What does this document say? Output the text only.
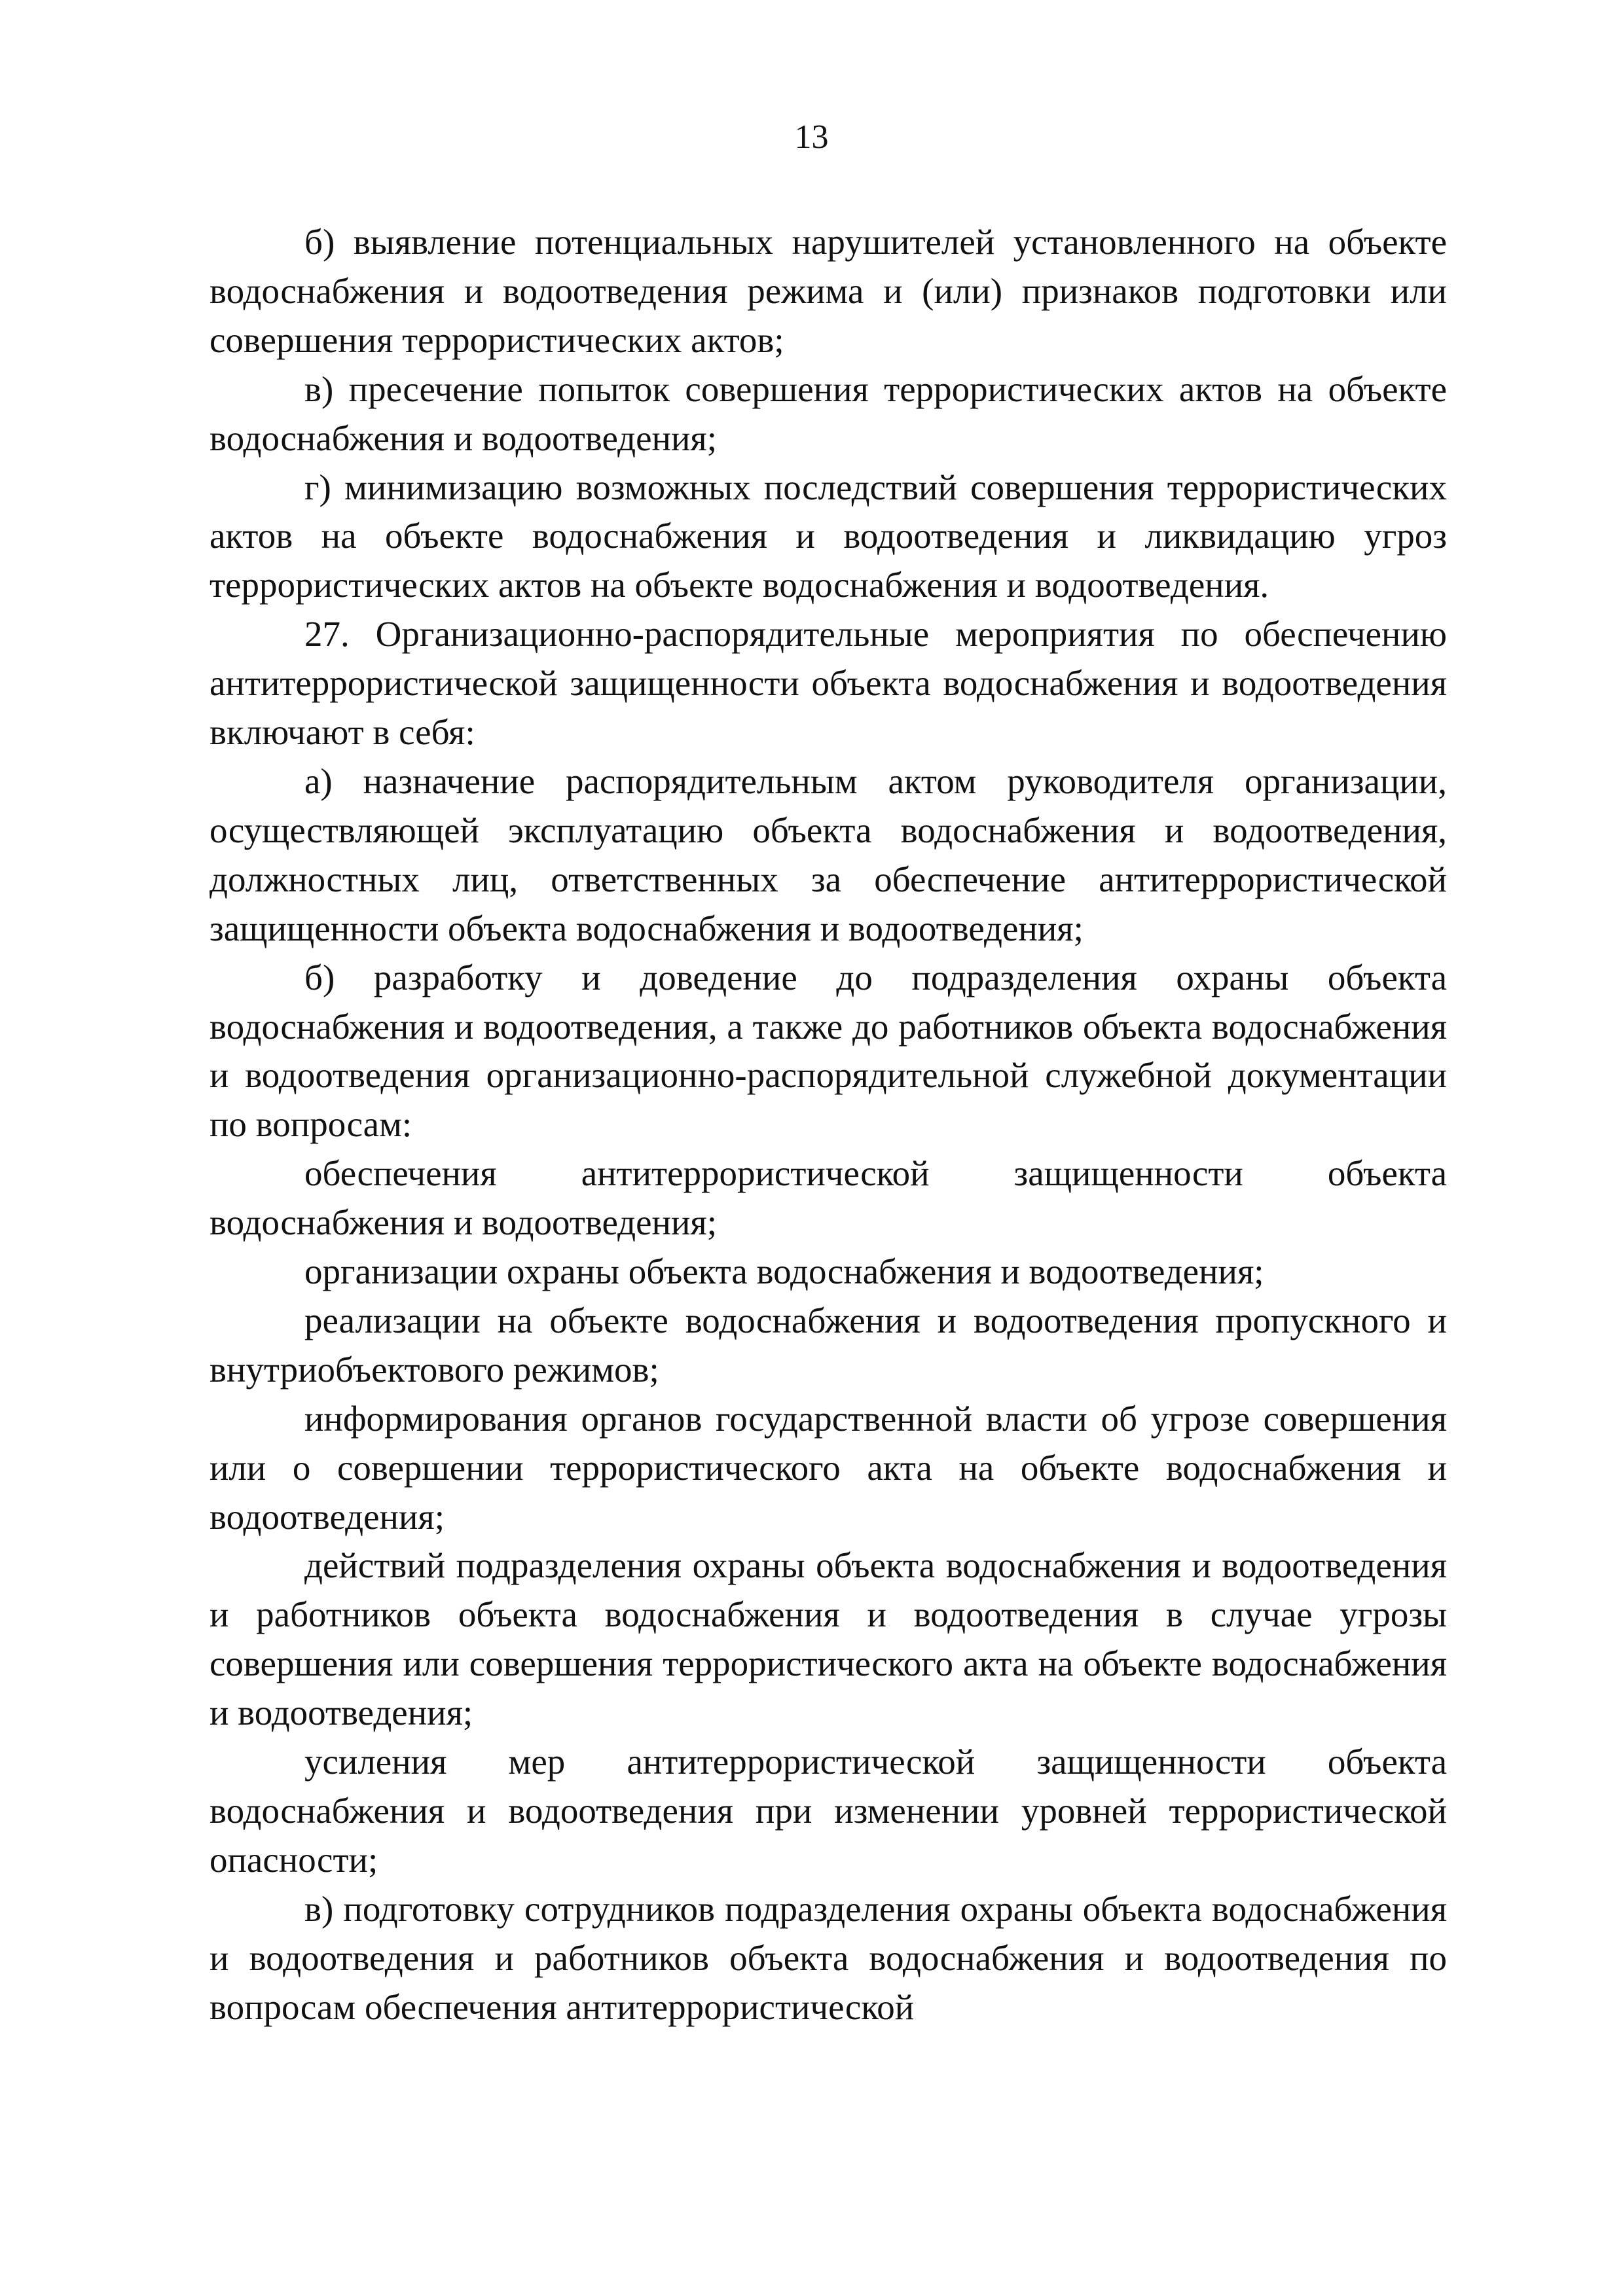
13

б) выявление потенциальных нарушителей установленного на объекте водоснабжения и водоотведения режима и (или) признаков подготовки или совершения террористических актов;

в) пресечение попыток совершения террористических актов на объекте водоснабжения и водоотведения;

г) минимизацию возможных последствий совершения террористических актов на объекте водоснабжения и водоотведения и ликвидацию угроз террористических актов на объекте водоснабжения и водоотведения.

27. Организационно-распорядительные мероприятия по обеспечению антитеррористической защищенности объекта водоснабжения и водоотведения включают в себя:

а) назначение распорядительным актом руководителя организации, осуществляющей эксплуатацию объекта водоснабжения и водоотведения, должностных лиц, ответственных за обеспечение антитеррористической защищенности объекта водоснабжения и водоотведения;

б) разработку и доведение до подразделения охраны объекта водоснабжения и водоотведения, а также до работников объекта водоснабжения и водоотведения организационно-распорядительной служебной документации по вопросам:

обеспечения антитеррористической защищенности объекта водоснабжения и водоотведения;

организации охраны объекта водоснабжения и водоотведения;

реализации на объекте водоснабжения и водоотведения пропускного и внутриобъектового режимов;

информирования органов государственной власти об угрозе совершения или о совершении террористического акта на объекте водоснабжения и водоотведения;

действий подразделения охраны объекта водоснабжения и водоотведения и работников объекта водоснабжения и водоотведения в случае угрозы совершения или совершения террористического акта на объекте водоснабжения и водоотведения;

усиления мер антитеррористической защищенности объекта водоснабжения и водоотведения при изменении уровней террористической опасности;

в) подготовку сотрудников подразделения охраны объекта водоснабжения и водоотведения и работников объекта водоснабжения и водоотведения по вопросам обеспечения антитеррористической
